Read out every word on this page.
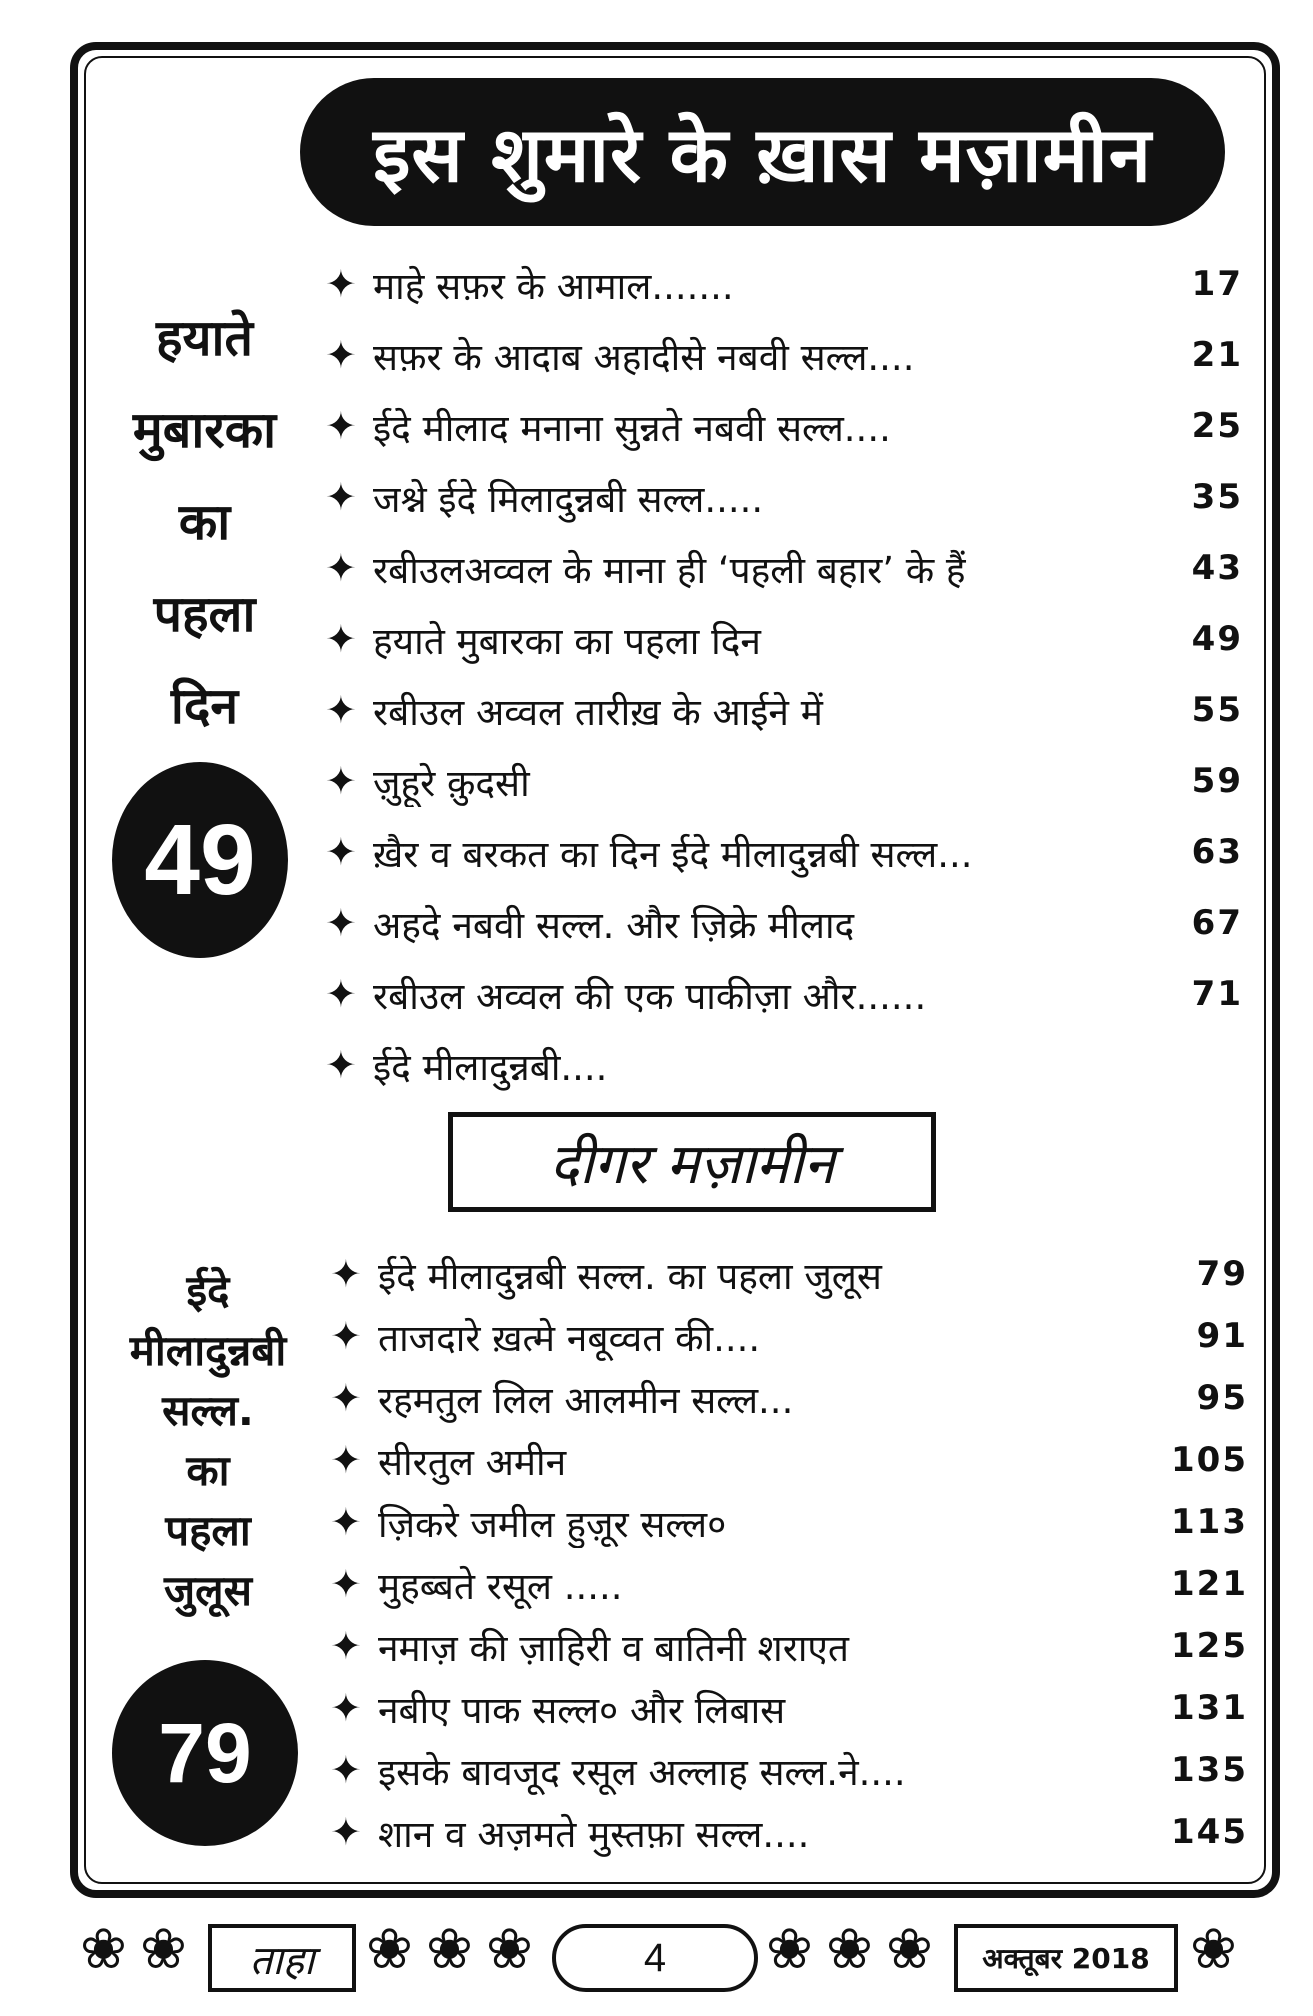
इस शुमारे के ख़ास मज़ामीन
हयाते
मुबारका
का
पहला
दिन
49
✦ माहे सफ़र के आमाल.......	17
✦ सफ़र के आदाब अहादीसे नबवी सल्ल....	21
✦ ईदे मीलाद मनाना सुन्नते नबवी सल्ल....	25
✦ जश्ने ईदे मिलादुन्नबी सल्ल.....	35
✦ रबीउलअव्वल के माना ही ‘पहली बहार’ के हैं	43
✦ हयाते मुबारका का पहला दिन	49
✦ रबीउल अव्वल तारीख़ के आईने में	55
✦ ज़ुहूरे क़ुदसी	59
✦ ख़ैर व बरकत का दिन ईदे मीलादुन्नबी सल्ल...	63
✦ अहदे नबवी सल्ल. और ज़िक्रे मीलाद	67
✦ रबीउल अव्वल की एक पाकीज़ा और......	71
✦ ईदे मीलादुन्नबी....
दीगर मज़ामीन
ईदे
मीलादुन्नबी
सल्ल.
का
पहला
जुलूस
79
✦ ईदे मीलादुन्नबी सल्ल. का पहला जुलूस	79
✦ ताजदारे ख़त्मे नबूव्वत की....	91
✦ रहमतुल लिल आलमीन सल्ल...	95
✦ सीरतुल अमीन	105
✦ ज़िकरे जमील हुज़ूर सल्ल०	113
✦ मुहब्बते रसूल .....	121
✦ नमाज़ की ज़ाहिरी व बातिनी शराएत	125
✦ नबीए पाक सल्ल० और लिबास	131
✦ इसके बावजूद रसूल अल्लाह सल्ल.ने....	135
✦ शान व अज़मते मुस्तफ़ा सल्ल....	145
❀ ❀ ताहा ❀ ❀ ❀	4 ❀ ❀ ❀ अक्तूबर 2018 ❀
